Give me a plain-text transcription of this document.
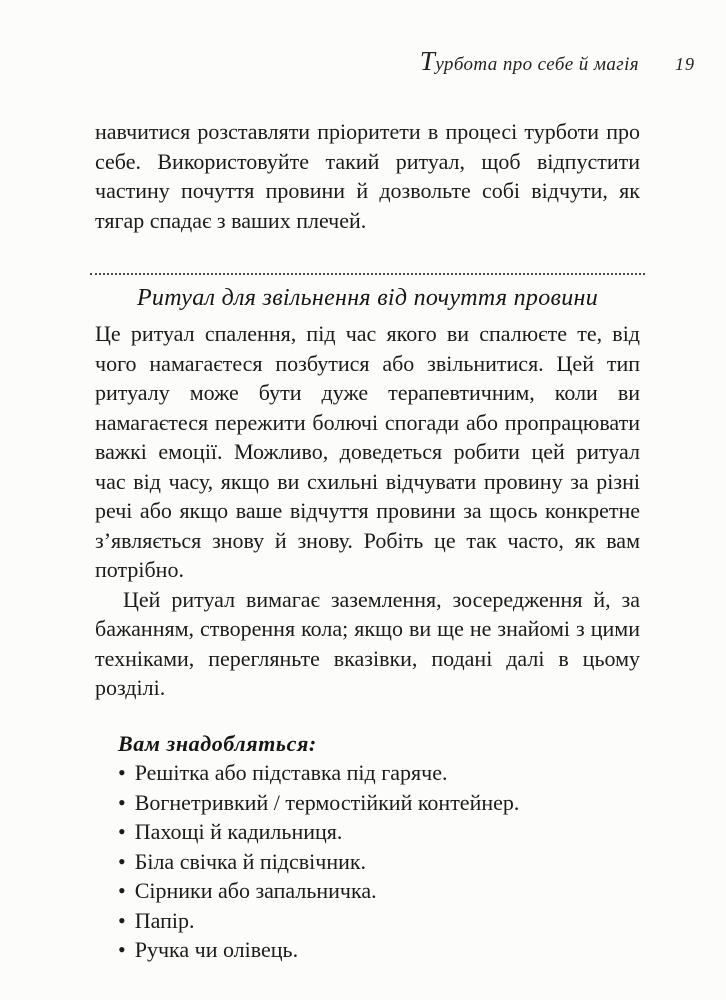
Турбота про себе й магія 19

навчитися розставляти пріоритети в процесі турботи про себе. Використовуйте такий ритуал, щоб відпустити частину почуття провини й дозвольте собі відчути, як тягар спадає з ваших плечей.

Ритуал для звільнення від почуття провини

Це ритуал спалення, під час якого ви спалюєте те, від чого намагаєтеся позбутися або звільнитися. Цей тип ритуалу може бути дуже терапевтичним, коли ви намагаєтеся пережити болючі спогади або пропрацювати важкі емоції. Можливо, доведеться робити цей ритуал час від часу, якщо ви схильні відчувати провину за різні речі або якщо ваше відчуття провини за щось конкретне з’являється знову й знову. Робіть це так часто, як вам потрібно.

Цей ритуал вимагає заземлення, зосередження й, за бажанням, створення кола; якщо ви ще не знайомі з цими техніками, перегляньте вказівки, подані далі в цьому розділі.

Вам знадобляться:
• Решітка або підставка під гаряче.
• Вогнетривкий / термостійкий контейнер.
• Пахощі й кадильниця.
• Біла свічка й підсвічник.
• Сірники або запальничка.
• Папір.
• Ручка чи олівець.
